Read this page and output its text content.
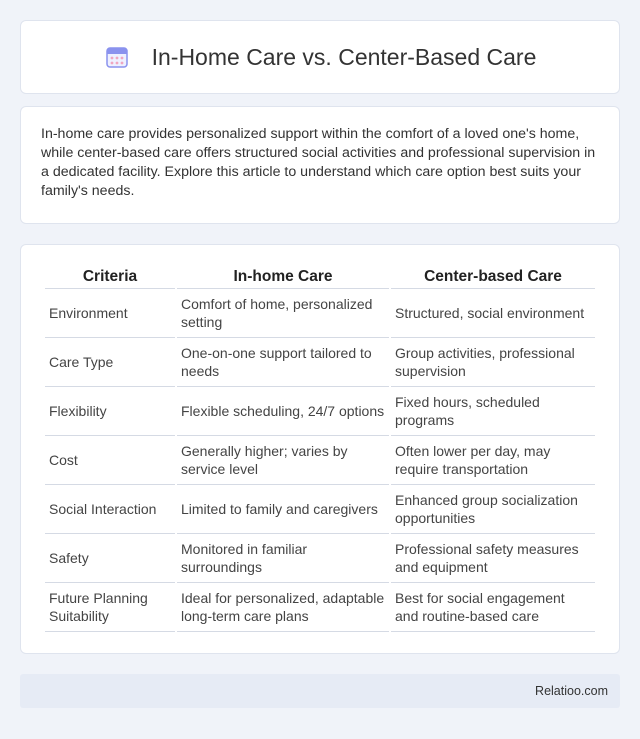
In-Home Care vs. Center-Based Care

In-home care provides personalized support within the comfort of a loved one's home, while center-based care offers structured social activities and professional supervision in a dedicated facility. Explore this article to understand which care option best suits your family's needs.

Criteria	In-home Care	Center-based Care
Environment	Comfort of home, personalized setting	Structured, social environment
Care Type	One-on-one support tailored to needs	Group activities, professional supervision
Flexibility	Flexible scheduling, 24/7 options	Fixed hours, scheduled programs
Cost	Generally higher; varies by service level	Often lower per day, may require transportation
Social Interaction	Limited to family and caregivers	Enhanced group socialization opportunities
Safety	Monitored in familiar surroundings	Professional safety measures and equipment
Future Planning Suitability	Ideal for personalized, adaptable long-term care plans	Best for social engagement and routine-based care
Relatioo.com
